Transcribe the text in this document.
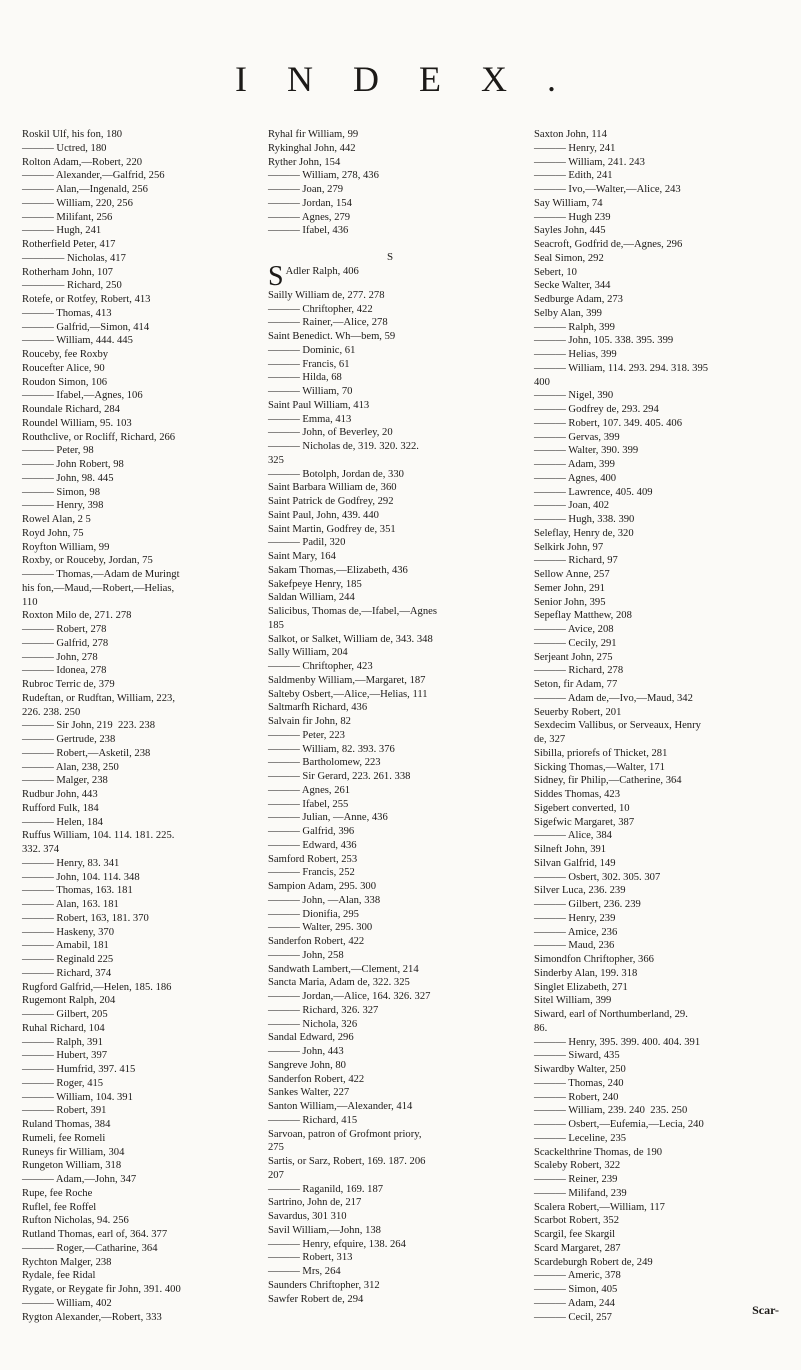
INDEX.

Roskil Ulf, his fon, 180

——— Uctred, 180

Rolton Adam,—Robert, 220

——— Alexander,—Galfrid, 256

——— Alan,—Ingenald, 256

——— William, 220, 256

——— Milifant, 256

——— Hugh, 241

Rotherfield Peter, 417

———— Nicholas, 417

Rotherham John, 107

———— Richard, 250

Rotefe, or Rotfey, Robert, 413

——— Thomas, 413

——— Galfrid,—Simon, 414

——— William, 444. 445

Rouceby, fee Roxby

Roucefter Alice, 90

Roudon Simon, 106

——— Ifabel,—Agnes, 106

Roundale Richard, 284

Roundel William, 95. 103

Routhclive, or Rocliff, Richard, 266

——— Peter, 98

——— John Robert, 98

——— John, 98. 445

——— Simon, 98

——— Henry, 398

Rowel Alan, 2 5

Royd John, 75

Royfton William, 99

Roxby, or Rouceby, Jordan, 75

——— Thomas,—Adam de Muringt

his fon,—Maud,—Robert,—Helias,

110

Roxton Milo de, 271. 278

——— Robert, 278

——— Galfrid, 278

——— John, 278

——— Idonea, 278

Rubroc Terric de, 379

Rudeftan, or Rudftan, William, 223,

226. 238. 250

——— Sir John, 219  223. 238

——— Gertrude, 238

——— Robert,—Asketil, 238

——— Alan, 238, 250

——— Malger, 238

Rudbur John, 443

Rufford Fulk, 184

——— Helen, 184

Ruffus William, 104. 114. 181. 225.

332. 374

——— Henry, 83. 341

——— John, 104. 114. 348

——— Thomas, 163. 181

——— Alan, 163. 181

——— Robert, 163, 181. 370

——— Haskeny, 370

——— Amabil, 181

——— Reginald 225

——— Richard, 374

Rugford Galfrid,—Helen, 185. 186

Rugemont Ralph, 204

——— Gilbert, 205

Ruhal Richard, 104

——— Ralph, 391

——— Hubert, 397

——— Humfrid, 397. 415

——— Roger, 415

——— William, 104. 391

——— Robert, 391

Ruland Thomas, 384

Rumeli, fee Romeli

Runeys fir William, 304

Rungeton William, 318

——— Adam,—John, 347

Rupe, fee Roche

Ruflel, fee Roffel

Rufton Nicholas, 94. 256

Rutland Thomas, earl of, 364. 377

——— Roger,—Catharine, 364

Rychton Malger, 238

Rydale, fee Ridal

Rygate, or Reygate fir John, 391. 400

——— William, 402

Rygton Alexander,—Robert, 333

Ryhal fir William, 99

Rykinghal John, 442

Ryther John, 154

——— William, 278, 436

——— Joan, 279

——— Jordan, 154

——— Agnes, 279

——— Ifabel, 436

S

S Adler Ralph, 406

Sailly William de, 277. 278

——— Chriftopher, 422

——— Rainer,—Alice, 278

Saint Benedict. Wh—bem, 59

——— Dominic, 61

——— Francis, 61

——— Hilda, 68

——— William, 70

Saint Paul William, 413

——— Emma, 413

——— John, of Beverley, 20

——— Nicholas de, 319. 320. 322.

325

——— Botolph, Jordan de, 330

Saint Barbara William de, 360

Saint Patrick de Godfrey, 292

Saint Paul, John, 439. 440

Saint Martin, Godfrey de, 351

——— Padil, 320

Saint Mary, 164

Sakam Thomas,—Elizabeth, 436

Sakefpeye Henry, 185

Saldan William, 244

Salicibus, Thomas de,—Ifabel,—Agnes

185

Salkot, or Salket, William de, 343. 348

Sally William, 204

——— Chriftopher, 423

Saldmenby William,—Margaret, 187

Salteby Osbert,—Alice,—Helias, 111

Saltmarfh Richard, 436

Salvain fir John, 82

——— Peter, 223

——— William, 82. 393. 376

——— Bartholomew, 223

——— Sir Gerard, 223. 261. 338

——— Agnes, 261

——— Ifabel, 255

——— Julian, —Anne, 436

——— Galfrid, 396

——— Edward, 436

Samford Robert, 253

——— Francis, 252

Sampion Adam, 295. 300

——— John, —Alan, 338

——— Dionifia, 295

——— Walter, 295. 300

Sanderfon Robert, 422

——— John, 258

Sandwath Lambert,—Clement, 214

Sancta Maria, Adam de, 322. 325

——— Jordan,—Alice, 164. 326. 327

——— Richard, 326. 327

——— Nichola, 326

Sandal Edward, 296

——— John, 443

Sangreve John, 80

Sanderfon Robert, 422

Sankes Walter, 227

Santon William,—Alexander, 414

——— Richard, 415

Sarvoan, patron of Grofmont priory,

275

Sartis, or Sarz, Robert, 169. 187. 206

207

——— Raganild, 169. 187

Sartrino, John de, 217

Savardus, 301 310

Savil William,—John, 138

——— Henry, efquire, 138. 264

——— Robert, 313

——— Mrs, 264

Saunders Chriftopher, 312

Sawfer Robert de, 294

Saxton John, 114

——— Henry, 241

——— William, 241. 243

——— Edith, 241

——— Ivo,—Walter,—Alice, 243

Say William, 74

——— Hugh 239

Sayles John, 445

Seacroft, Godfrid de,—Agnes, 296

Seal Simon, 292

Sebert, 10

Secke Walter, 344

Sedburge Adam, 273

Selby Alan, 399

——— Ralph, 399

——— John, 105. 338. 395. 399

——— Helias, 399

——— William, 114. 293. 294. 318. 395

400

——— Nigel, 390

——— Godfrey de, 293. 294

——— Robert, 107. 349. 405. 406

——— Gervas, 399

——— Walter, 390. 399

——— Adam, 399

——— Agnes, 400

——— Lawrence, 405. 409

——— Joan, 402

——— Hugh, 338. 390

Seleflay, Henry de, 320

Selkirk John, 97

——— Richard, 97

Sellow Anne, 257

Semer John, 291

Senior John, 395

Sepeflay Matthew, 208

——— Avice, 208

——— Cecily, 291

Serjeant John, 275

——— Richard, 278

Seton, fir Adam, 77

——— Adam de,—Ivo,—Maud, 342

Seuerby Robert, 201

Sexdecim Vallibus, or Serveaux, Henry

de, 327

Sibilla, priorefs of Thicket, 281

Sicking Thomas,—Walter, 171

Sidney, fir Philip,—Catherine, 364

Siddes Thomas, 423

Sigebert converted, 10

Sigefwic Margaret, 387

——— Alice, 384

Silneft John, 391

Silvan Galfrid, 149

——— Osbert, 302. 305. 307

Silver Luca, 236. 239

——— Gilbert, 236. 239

——— Henry, 239

——— Amice, 236

——— Maud, 236

Simondfon Chriftopher, 366

Sinderby Alan, 199. 318

Singlet Elizabeth, 271

Sitel William, 399

Siward, earl of Northumberland, 29.

86.

——— Henry, 395. 399. 400. 404. 391

——— Siward, 435

Siwardby Walter, 250

——— Thomas, 240

——— Robert, 240

——— William, 239. 240  235. 250

——— Osbert,—Eufemia,—Lecia, 240

——— Leceline, 235

Scackelthrine Thomas, de 190

Scaleby Robert, 322

——— Reiner, 239

——— Milifand, 239

Scalera Robert,—William, 117

Scarbot Robert, 352

Scargil, fee Skargil

Scard Margaret, 287

Scardeburgh Robert de, 249

——— Americ, 378

——— Simon, 405

——— Adam, 244

——— Cecil, 257	Scar-
